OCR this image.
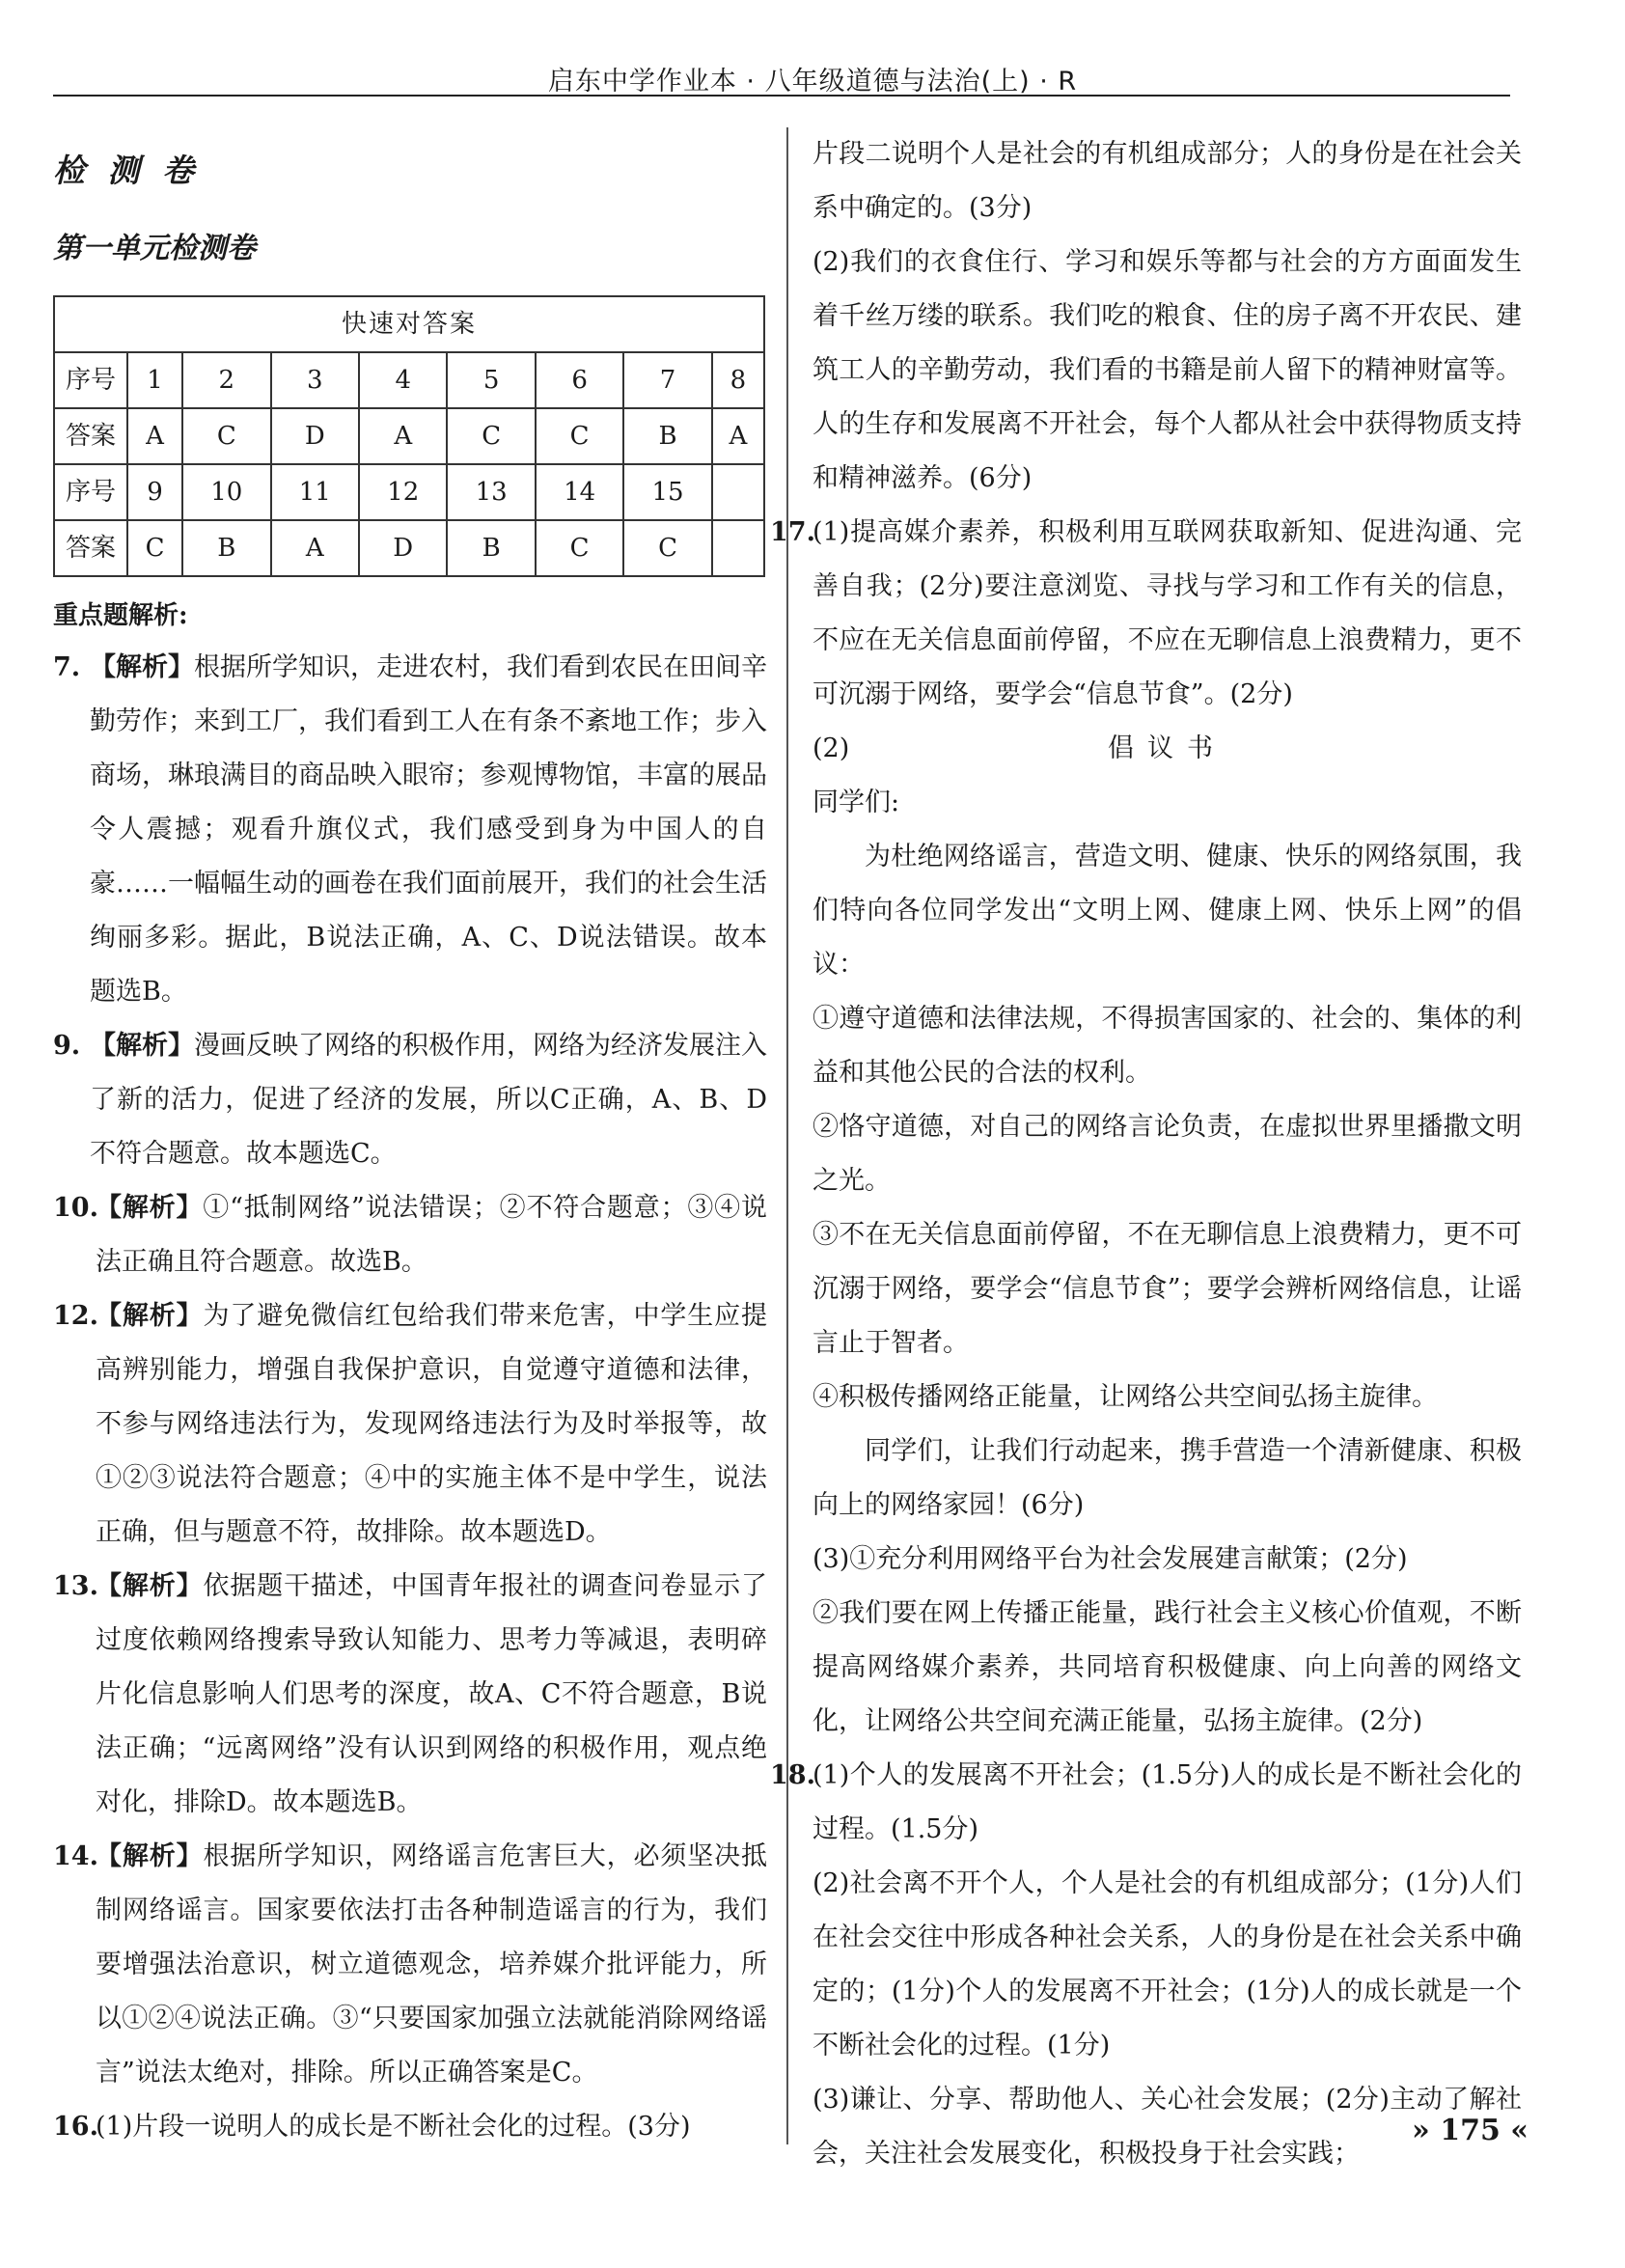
启东中学作业本 · 八年级道德与法治(上) · R
检 测 卷
第一单元检测卷
快速对答案								
序号	1	2	3	4	5	6	7	8
答案	A	C	D	A	C	C	B	A
序号	9	10	11	12	13	14	15	
答案	C	B	A	D	B	C	C	
重点题解析:
7. 【解析】根据所学知识，走进农村，我们看到农民在田间辛勤劳作；来到工厂，我们看到工人在有条不紊地工作；步入商场，琳琅满目的商品映入眼帘；参观博物馆，丰富的展品令人震撼；观看升旗仪式，我们感受到身为中国人的自豪……一幅幅生动的画卷在我们面前展开，我们的社会生活绚丽多彩。据此，B说法正确，A、C、D说法错误。故本题选B。

9. 【解析】漫画反映了网络的积极作用，网络为经济发展注入了新的活力，促进了经济的发展，所以C正确，A、B、D不符合题意。故本题选C。

10.

【解析】①“抵制网络”说法错误；②不符合题意；③④说法正确且符合题意。故选B。

12.

【解析】为了避免微信红包给我们带来危害，中学生应提高辨别能力，增强自我保护意识，自觉遵守道德和法律，不参与网络违法行为，发现网络违法行为及时举报等，故①②③说法符合题意；④中的实施主体不是中学生，说法正确，但与题意不符，故排除。故本题选D。

13.

【解析】依据题干描述，中国青年报社的调查问卷显示了过度依赖网络搜索导致认知能力、思考力等减退，表明碎片化信息影响人们思考的深度，故A、C不符合题意，B说法正确；“远离网络”没有认识到网络的积极作用，观点绝对化，排除D。故本题选B。

14.

【解析】根据所学知识，网络谣言危害巨大，必须坚决抵制网络谣言。国家要依法打击各种制造谣言的行为，我们要增强法治意识，树立道德观念，培养媒介批评能力，所以①②④说法正确。③“只要国家加强立法就能消除网络谣言”说法太绝对，排除。所以正确答案是C。

16.

(1)片段一说明人的成长是不断社会化的过程。(3分)

片段二说明个人是社会的有机组成部分；人的身份是在社会关系中确定的。(3分)

(2)我们的衣食住行、学习和娱乐等都与社会的方方面面发生着千丝万缕的联系。我们吃的粮食、住的房子离不开农民、建筑工人的辛勤劳动，我们看的书籍是前人留下的精神财富等。人的生存和发展离不开社会，每个人都从社会中获得物质支持和精神滋养。(6分)

17.

(1)提高媒介素养，积极利用互联网获取新知、促进沟通、完善自我；(2分)要注意浏览、寻找与学习和工作有关的信息，不应在无关信息面前停留，不应在无聊信息上浪费精力，更不可沉溺于网络，要学会“信息节食”。(2分)

(2)	倡议书

同学们:

为杜绝网络谣言，营造文明、健康、快乐的网络氛围，我们特向各位同学发出“文明上网、健康上网、快乐上网”的倡议：

①遵守道德和法律法规，不得损害国家的、社会的、集体的利益和其他公民的合法的权利。

②恪守道德，对自己的网络言论负责，在虚拟世界里播撒文明之光。

③不在无关信息面前停留，不在无聊信息上浪费精力，更不可沉溺于网络，要学会“信息节食”；要学会辨析网络信息，让谣言止于智者。

④积极传播网络正能量，让网络公共空间弘扬主旋律。

同学们，让我们行动起来，携手营造一个清新健康、积极向上的网络家园！(6分)

(3)①充分利用网络平台为社会发展建言献策；(2分)

②我们要在网上传播正能量，践行社会主义核心价值观，不断提高网络媒介素养，共同培育积极健康、向上向善的网络文化，让网络公共空间充满正能量，弘扬主旋律。(2分)

18.

(1)个人的发展离不开社会；(1.5分)人的成长是不断社会化的过程。(1.5分)

(2)社会离不开个人，个人是社会的有机组成部分；(1分)人们在社会交往中形成各种社会关系，人的身份是在社会关系中确定的；(1分)个人的发展离不开社会；(1分)人的成长就是一个不断社会化的过程。(1分)

(3)谦让、分享、帮助他人、关心社会发展；(2分)主动了解社会，关注社会发展变化，积极投身于社会实践；

» 175 «
